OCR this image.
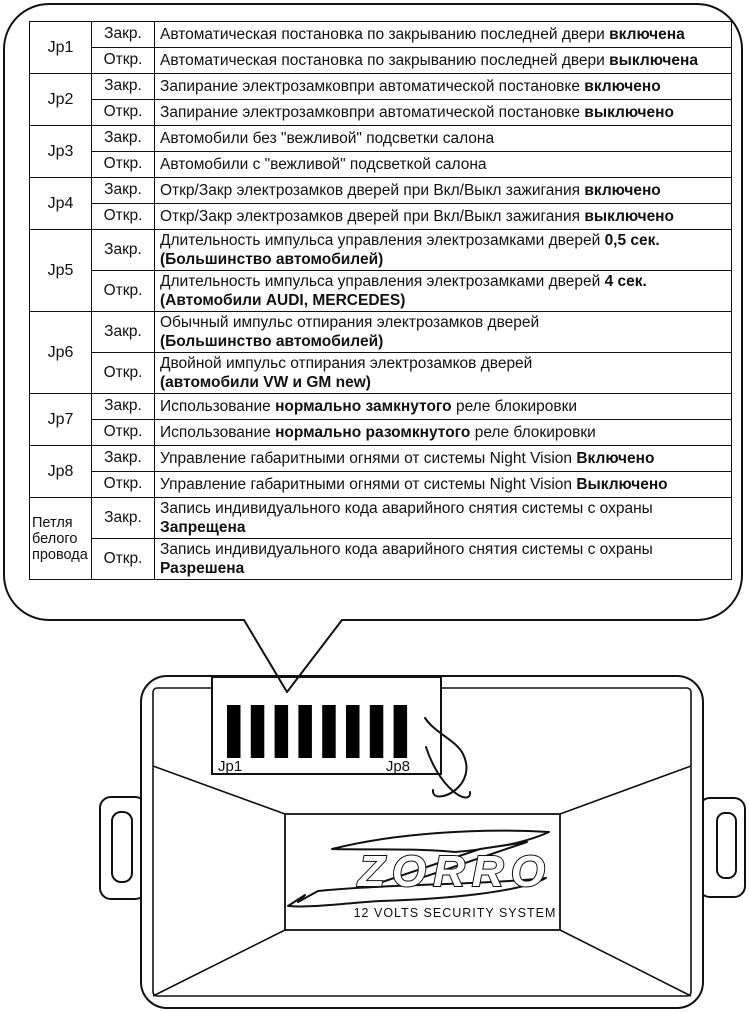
ZORRO
12 VOLTS SECURITY SYSTEM
Jp1	Jp8
Jp1	Закр.	Автоматическая постановка по закрыванию последней двери включена
	Откр.	Автоматическая постановка по закрыванию последней двери выключена
Jp2	Закр.	Запирание электрозамковпри автоматической постановке включено
	Откр.	Запирание электрозамковпри автоматической постановке выключено
Jp3	Закр.	Автомобили без "вежливой" подсветки салона
	Откр.	Автомобили с "вежливой" подсветкой салона
Jp4	Закр.	Откр/Закр электрозамков дверей при Вкл/Выкл зажигания включено
	Откр.	Откр/Закр электрозамков дверей при Вкл/Выкл зажигания выключено
Jp5	Закр.	Длительность импульса управления электрозамками дверей 0,5 сек.
(Большинство автомобилей)
	Откр.	Длительность импульса управления электрозамками дверей 4 сек.
(Автомобили AUDI, MERCEDES)
Jp6	Закр.	Обычный импульс отпирания электрозамков дверей
(Большинство автомобилей)
	Откр.	Двойной импульс отпирания электрозамков дверей
(автомобили VW и GM new)
Jp7	Закр.	Использование нормально замкнутого реле блокировки
	Откр.	Использование нормально разомкнутого реле блокировки
Jp8	Закр.	Управление габаритными огнями от системы Night Vision Включено
	Откр.	Управление габаритными огнями от системы Night Vision Выключено
Петля белого провода	Закр.	Запись индивидуального кода аварийного снятия системы с охраны
Запрещена
	Откр.	Запись индивидуального кода аварийного снятия системы с охраны
Разрешена
